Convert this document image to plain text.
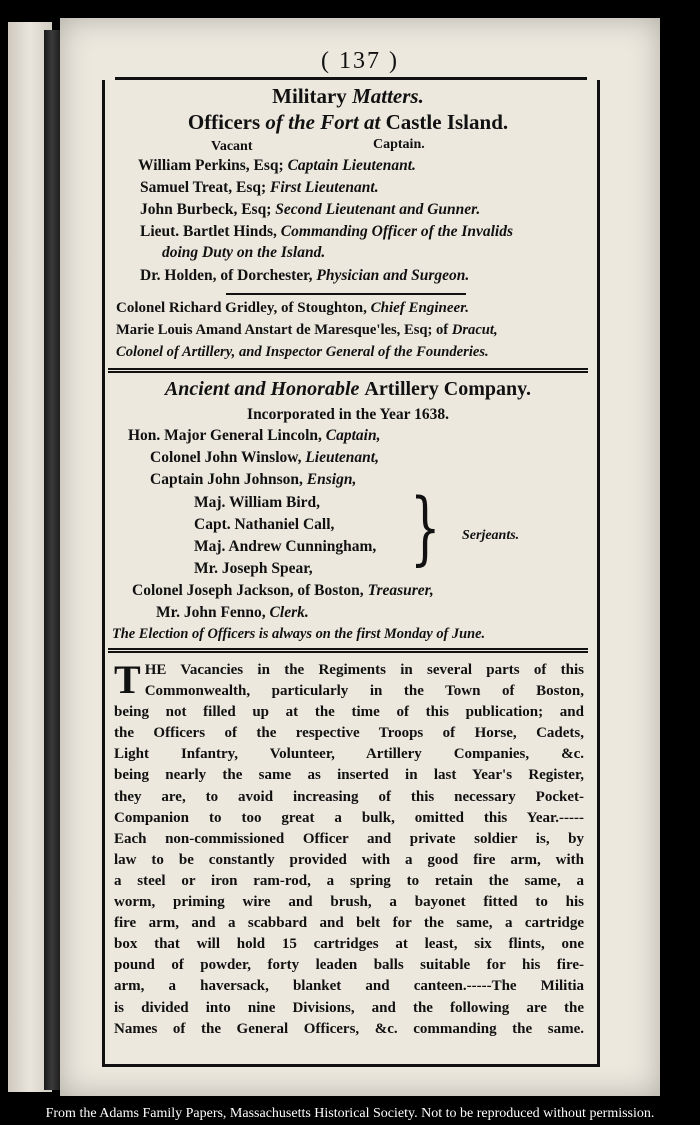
( 137 )
Military Matters.
Officers of the Fort at Castle Island.
Vacant	Captain.
William Perkins, Esq; Captain Lieutenant.
Samuel Treat, Esq; First Lieutenant.
John Burbeck, Esq; Second Lieutenant and Gunner.
Lieut. Bartlet Hinds, Commanding Officer of the Invalids
doing Duty on the Island.
Dr. Holden, of Dorchester, Physician and Surgeon.
Colonel Richard Gridley, of Stoughton, Chief Engineer.
Marie Louis Amand Anstart de Maresque'les, Esq; of Dracut,
Colonel of Artillery, and Inspector General of the Founderies.
Ancient and Honorable Artillery Company.
Incorporated in the Year 1638.
Hon. Major General Lincoln, Captain,
Colonel John Winslow, Lieutenant,
Captain John Johnson, Ensign,
Maj. William Bird,
Capt. Nathaniel Call,
Maj. Andrew Cunningham,
Mr. Joseph Spear, } Serjeants.
Colonel Joseph Jackson, of Boston, Treasurer,
Mr. John Fenno, Clerk.
The Election of Officers is always on the first Monday of June.
T HE Vacancies in the Regiments in several parts of this
Commonwealth, particularly in the Town of Boston,
being not filled up at the time of this publication; and
the Officers of the respective Troops of Horse, Cadets,
Light Infantry, Volunteer, Artillery Companies, &c.
being nearly the same as inserted in last Year's Register,
they are, to avoid increasing of this necessary Pocket-
Companion to too great a bulk, omitted this Year.-----
Each non-commissioned Officer and private soldier is, by
law to be constantly provided with a good fire arm, with
a steel or iron ram-rod, a spring to retain the same, a
worm, priming wire and brush, a bayonet fitted to his
fire arm, and a scabbard and belt for the same, a cartridge
box that will hold 15 cartridges at least, six flints, one
pound of powder, forty leaden balls suitable for his fire-
arm, a haversack, blanket and canteen.-----The Militia
is divided into nine Divisions, and the following are the
Names of the General Officers, &c. commanding the same.
From the Adams Family Papers, Massachusetts Historical Society. Not to be reproduced without permission.
